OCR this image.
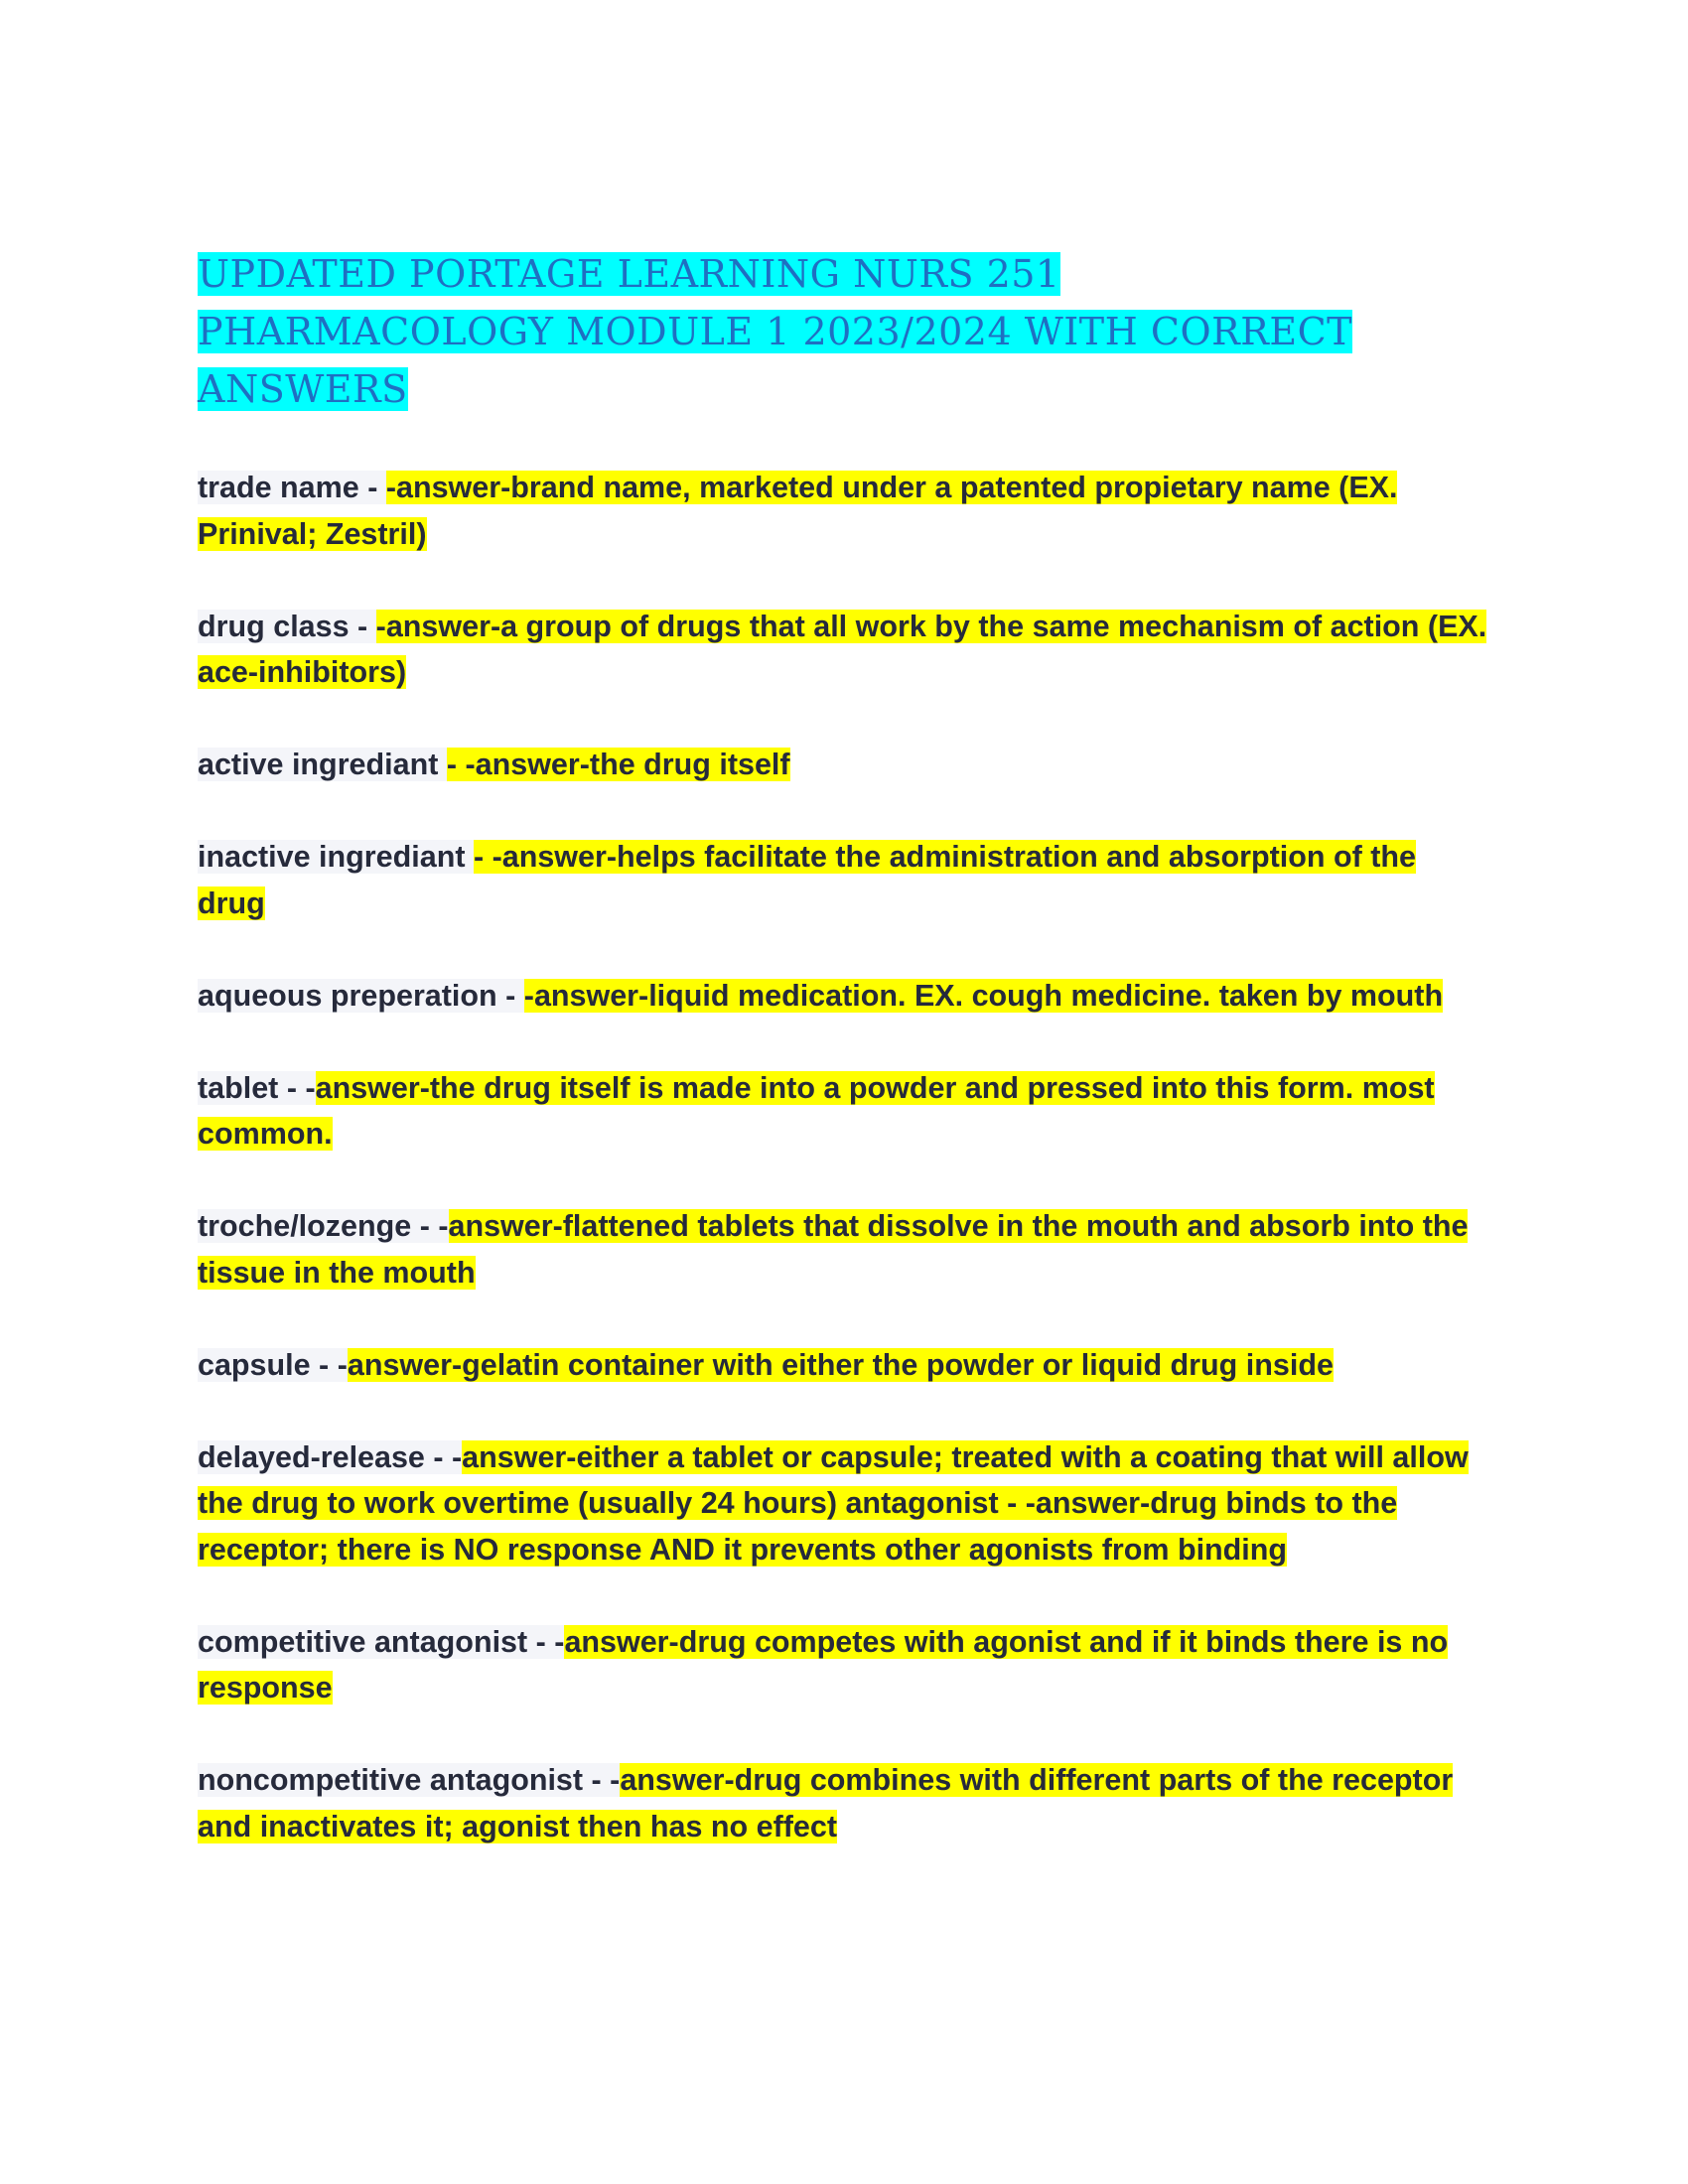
UPDATED PORTAGE LEARNING NURS 251 PHARMACOLOGY MODULE 1 2023/2024 WITH CORRECT ANSWERS

trade name - -answer-brand name, marketed under a patented propietary name (EX. Prinival; Zestril)

drug class - -answer-a group of drugs that all work by the same mechanism of action (EX. ace-inhibitors)

active ingrediant - -answer-the drug itself

inactive ingrediant - -answer-helps facilitate the administration and absorption of the drug

aqueous preperation - -answer-liquid medication. EX. cough medicine. taken by mouth

tablet - -answer-the drug itself is made into a powder and pressed into this form. most common.

troche/lozenge - -answer-flattened tablets that dissolve in the mouth and absorb into the tissue in the mouth

capsule - -answer-gelatin container with either the powder or liquid drug inside

delayed-release - -answer-either a tablet or capsule; treated with a coating that will allow the drug to work overtime (usually 24 hours) antagonist - -answer-drug binds to the receptor; there is NO response AND it prevents other agonists from binding

competitive antagonist - -answer-drug competes with agonist and if it binds there is no response

noncompetitive antagonist - -answer-drug combines with different parts of the receptor and inactivates it; agonist then has no effect
